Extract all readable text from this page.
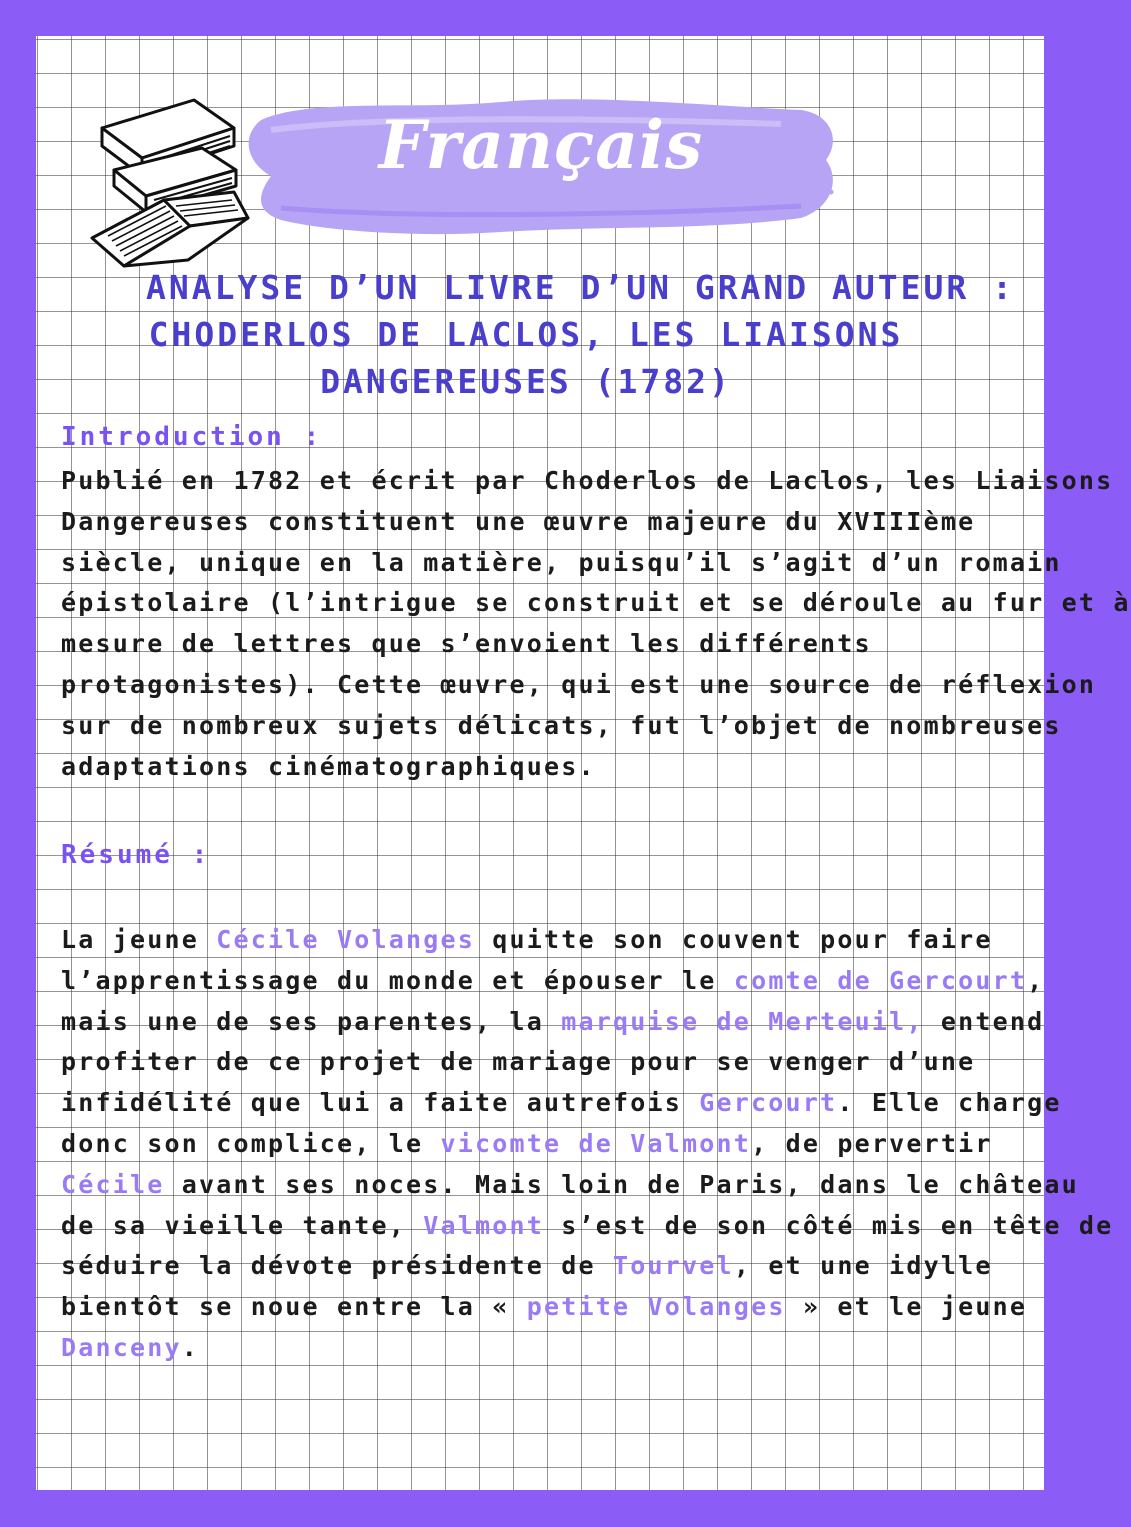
Français
ANALYSE D’UN LIVRE D’UN GRAND AUTEUR :
CHODERLOS DE LACLOS, LES LIAISONS
DANGEREUSES (1782)
Introduction :
Publié en 1782 et écrit par Choderlos de Laclos, les Liaisons
Dangereuses constituent une œuvre majeure du XVIIIème
siècle, unique en la matière, puisqu’il s’agit d’un romain
épistolaire (l’intrigue se construit et se déroule au fur et à
mesure de lettres que s’envoient les différents
protagonistes). Cette œuvre, qui est une source de réflexion
sur de nombreux sujets délicats, fut l’objet de nombreuses
adaptations cinématographiques.
Résumé :
La jeune Cécile Volanges quitte son couvent pour faire
l’apprentissage du monde et épouser le comte de Gercourt,
mais une de ses parentes, la marquise de Merteuil, entend
profiter de ce projet de mariage pour se venger d’une
infidélité que lui a faite autrefois Gercourt. Elle charge
donc son complice, le vicomte de Valmont, de pervertir
Cécile avant ses noces. Mais loin de Paris, dans le château
de sa vieille tante, Valmont s’est de son côté mis en tête de
séduire la dévote présidente de Tourvel, et une idylle
bientôt se noue entre la « petite Volanges » et le jeune
Danceny.
